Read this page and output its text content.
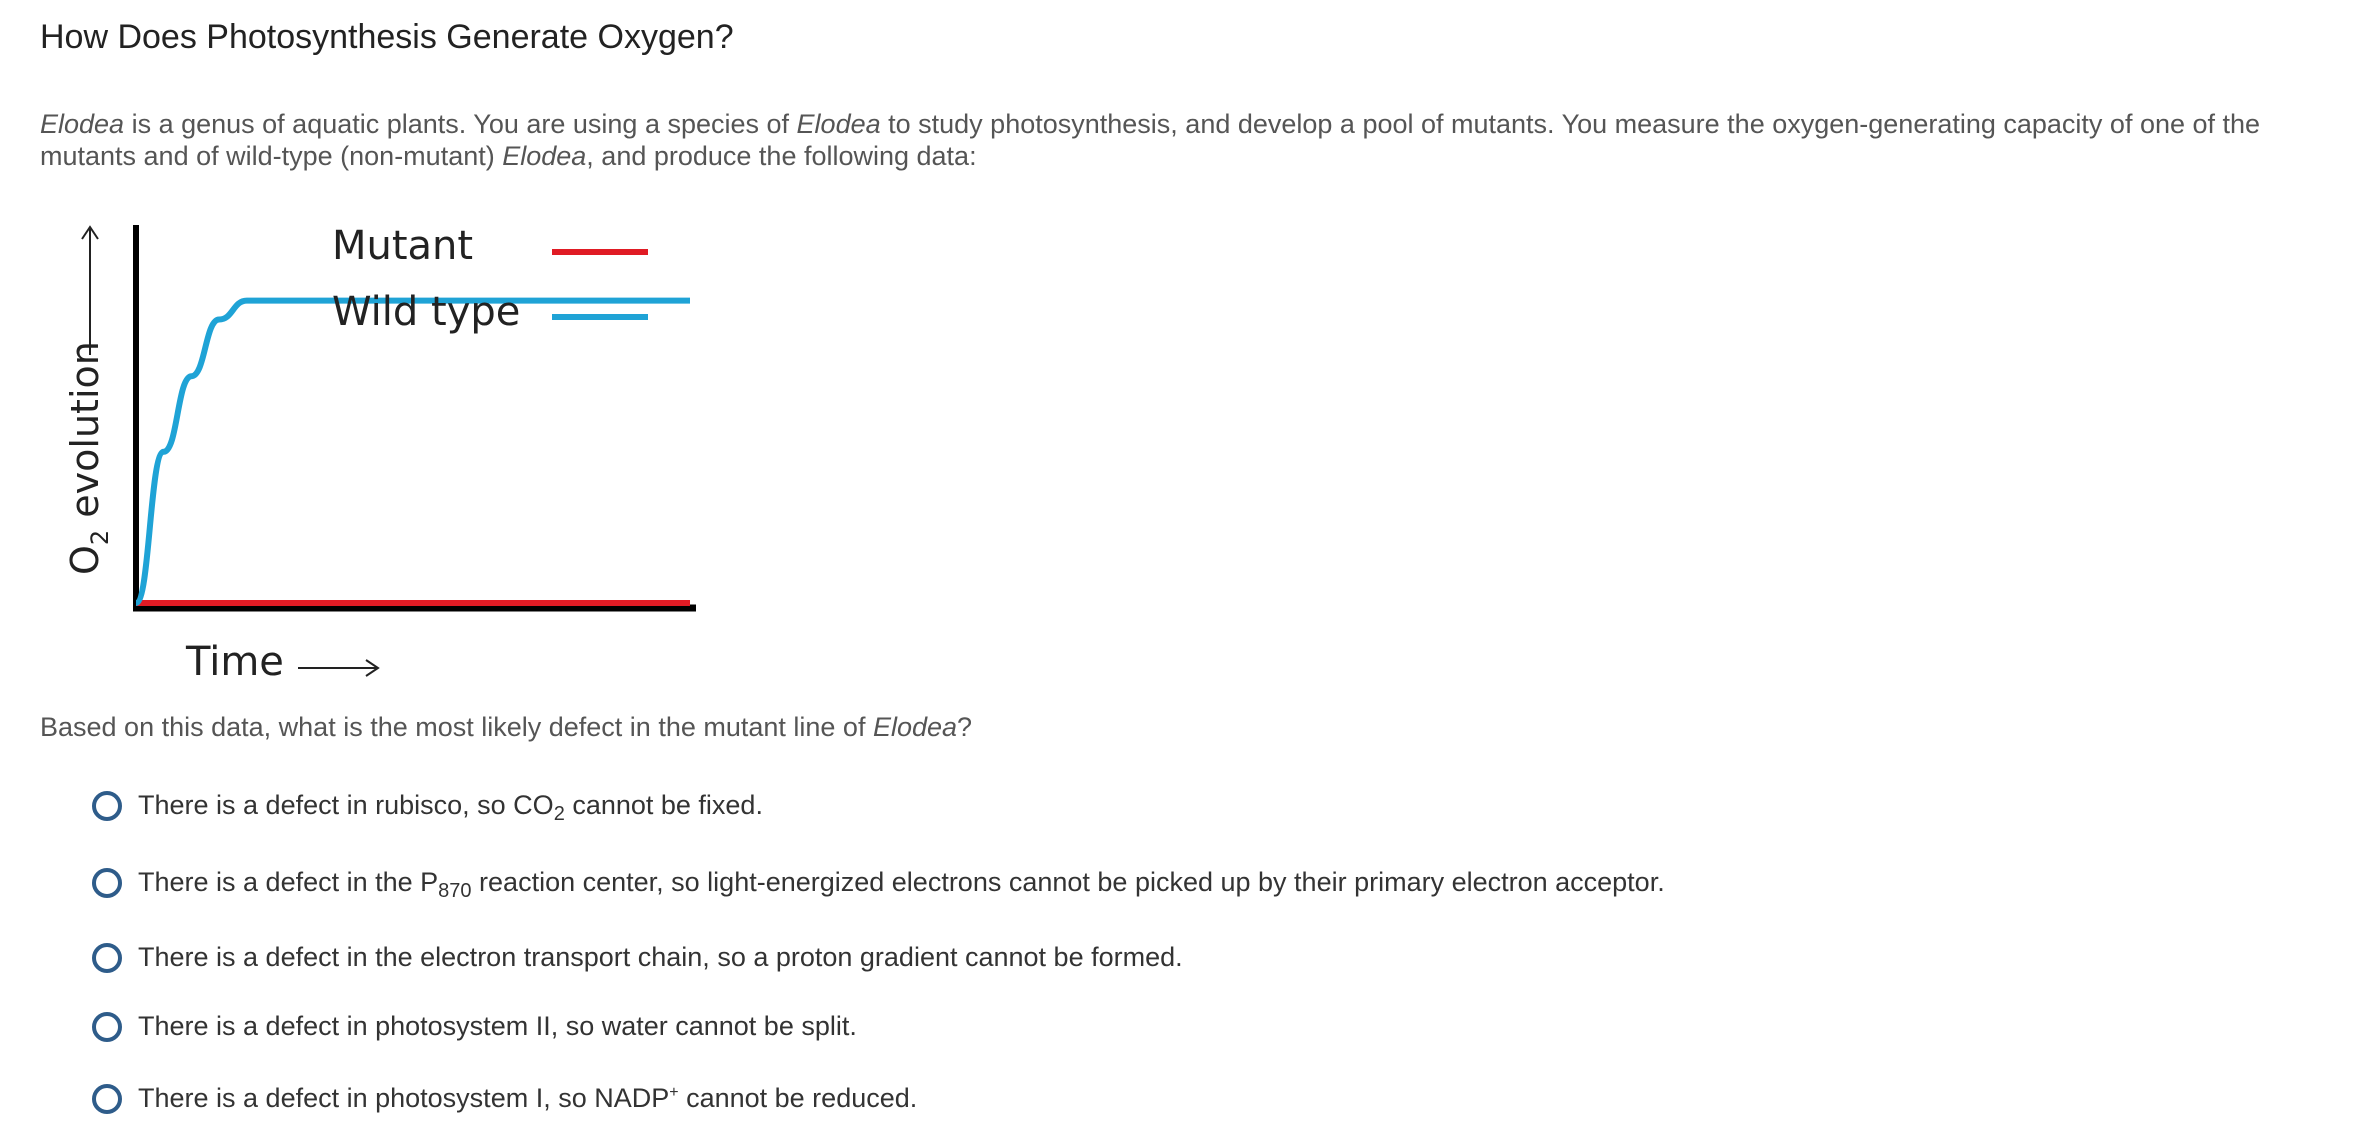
How Does Photosynthesis Generate Oxygen?

Elodea is a genus of aquatic plants. You are using a species of Elodea to study photosynthesis, and develop a pool of mutants. You measure the oxygen-generating capacity of one of the mutants and of wild-type (non-mutant) Elodea, and produce the following data:

$O_2$ evolution
Mutant
Wild type
Time

Based on this data, what is the most likely defect in the mutant line of Elodea?

There is a defect in rubisco, so $CO_2$ cannot be fixed.
There is a defect in the $P_{870}$ reaction center, so light-energized electrons cannot be picked up by their primary electron acceptor.
There is a defect in the electron transport chain, so a proton gradient cannot be formed.
There is a defect in photosystem II, so water cannot be split.
There is a defect in photosystem I, so NADP+ cannot be reduced.
